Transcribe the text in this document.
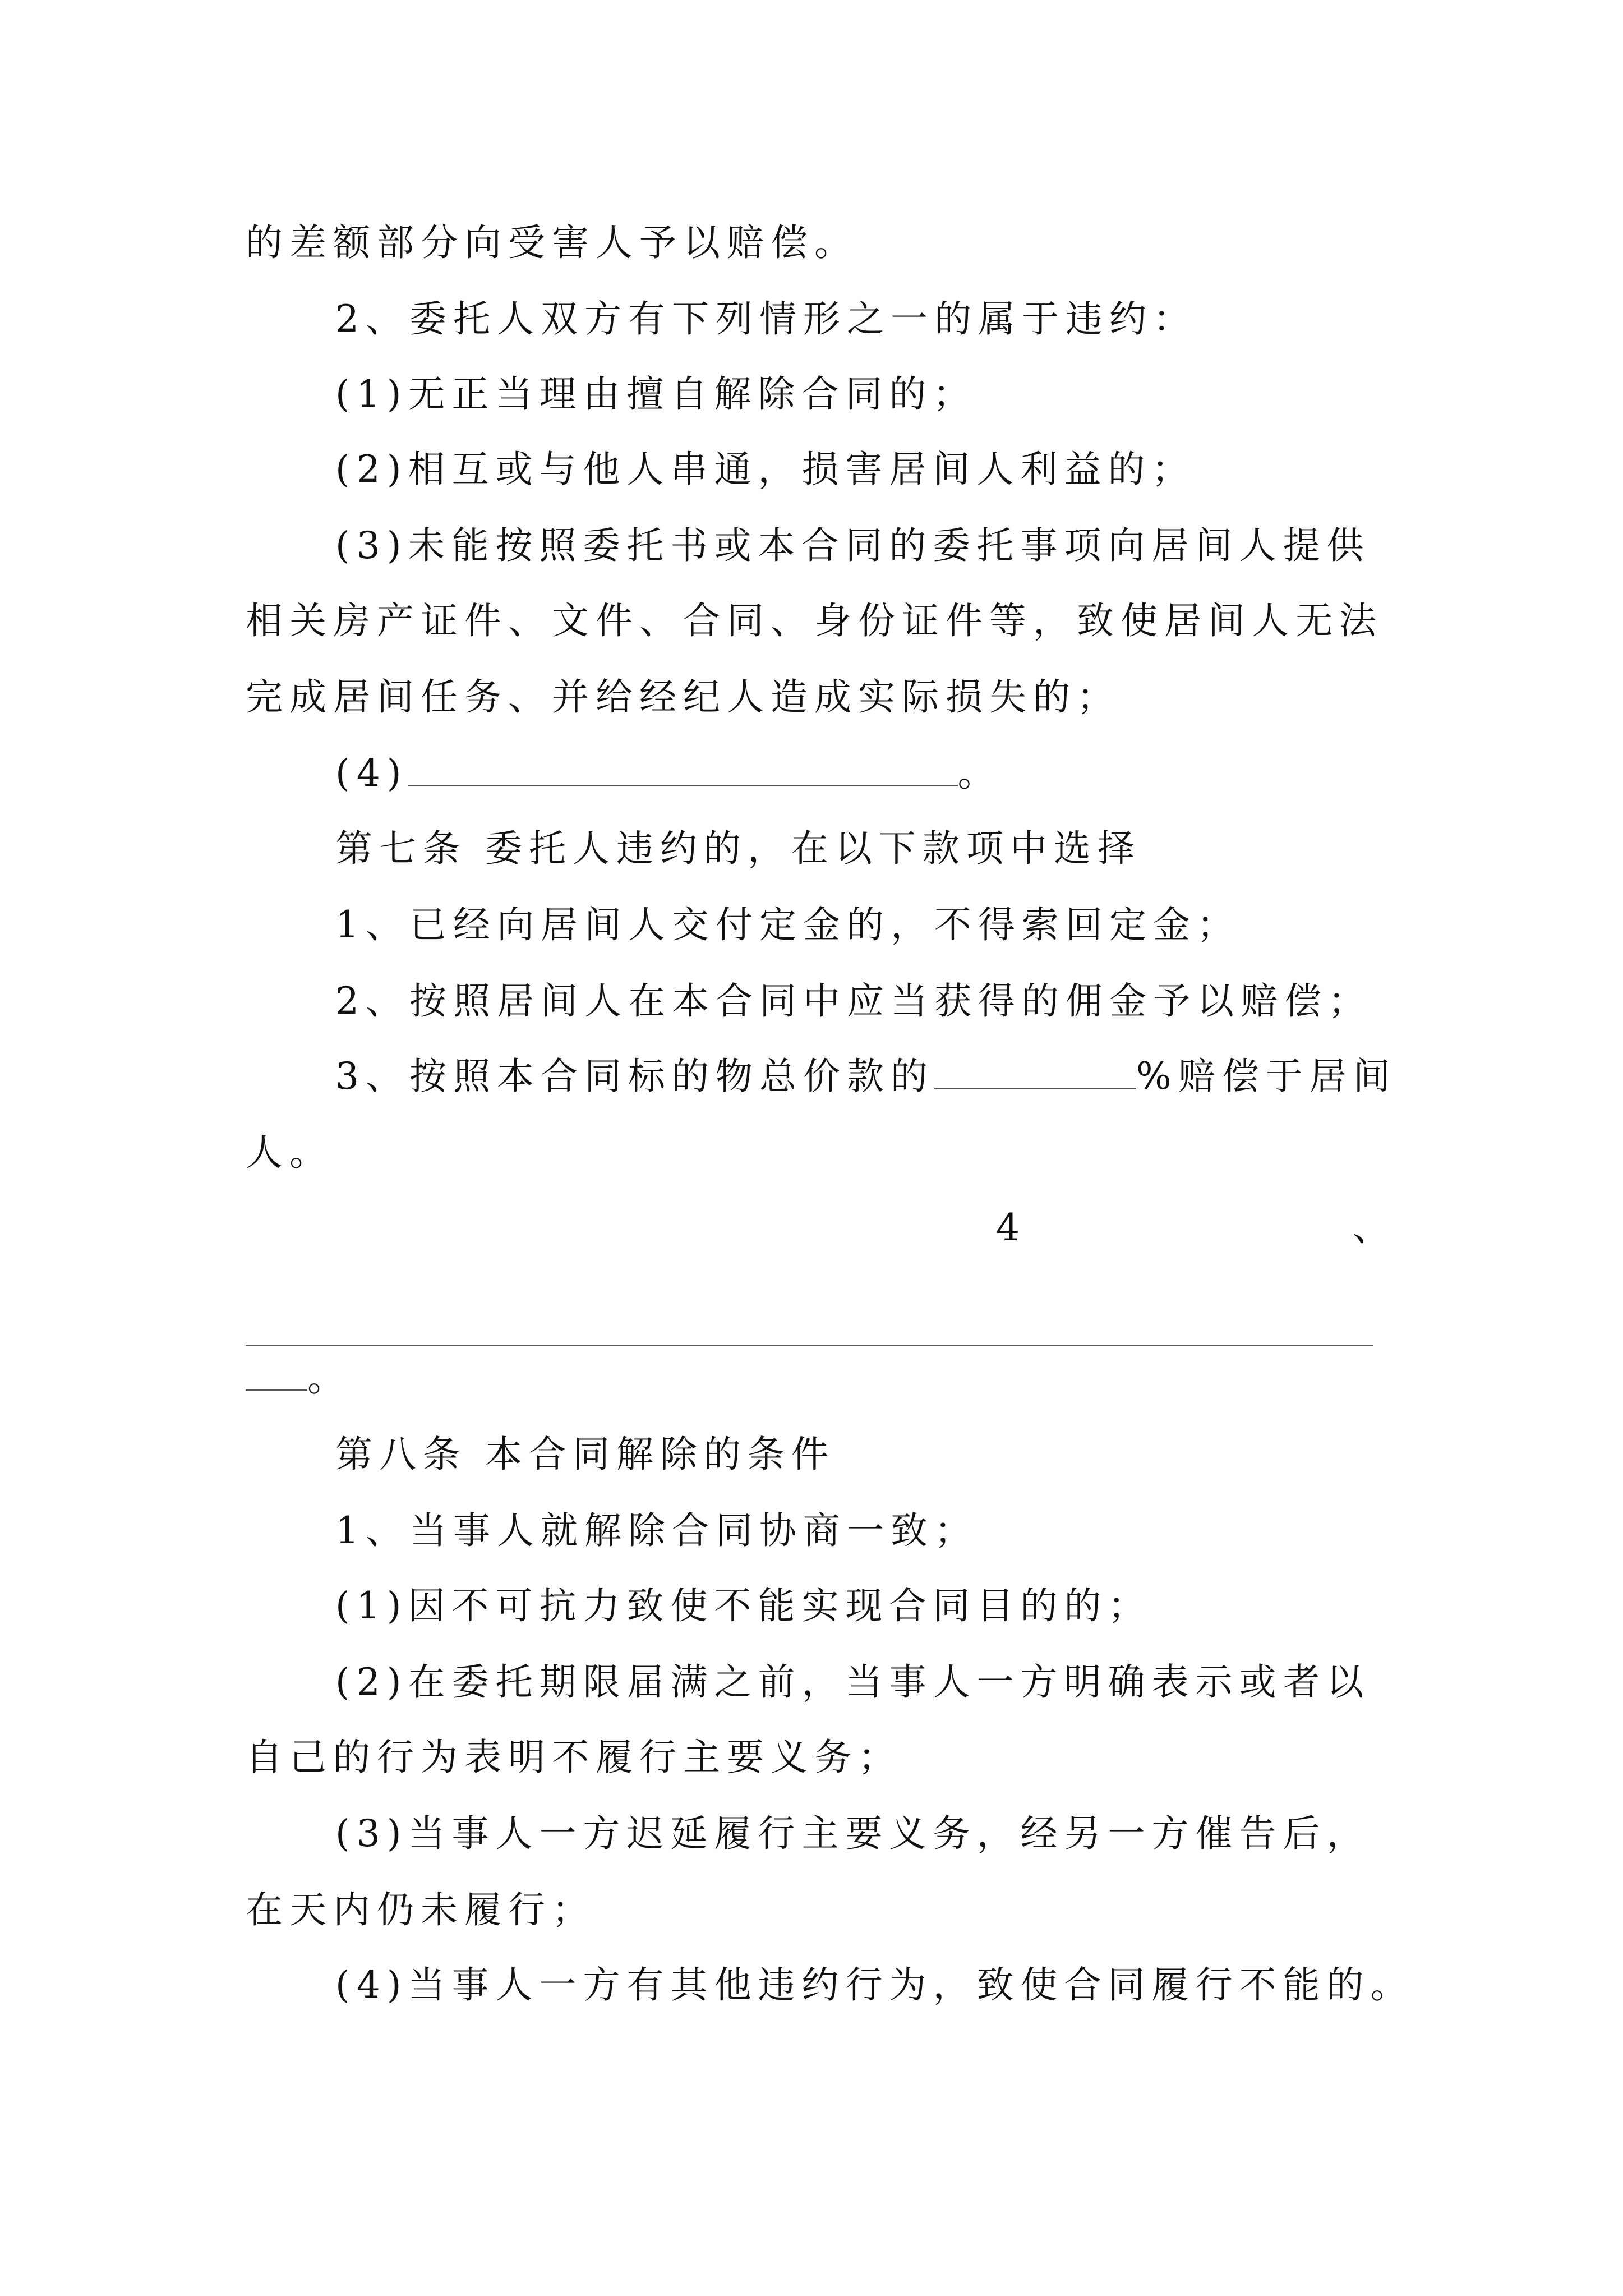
的差额部分向受害人予以赔偿。

2、委托人双方有下列情形之一的属于违约：

(1)无正当理由擅自解除合同的；

(2)相互或与他人串通，损害居间人利益的；

(3)未能按照委托书或本合同的委托事项向居间人提供

相关房产证件、文件、合同、身份证件等，致使居间人无法

完成居间任务、并给经纪人造成实际损失的；

(4)	。

第七条 委托人违约的，在以下款项中选择

1、已经向居间人交付定金的，不得索回定金；

2、按照居间人在本合同中应当获得的佣金予以赔偿；

3、按照本合同标的物总价款的	%赔偿于居间

人。

4	、

。

第八条 本合同解除的条件

1、当事人就解除合同协商一致；

(1)因不可抗力致使不能实现合同目的的；

(2)在委托期限届满之前，当事人一方明确表示或者以

自己的行为表明不履行主要义务；

(3)当事人一方迟延履行主要义务，经另一方催告后，

在天内仍未履行；

(4)当事人一方有其他违约行为，致使合同履行不能的。
